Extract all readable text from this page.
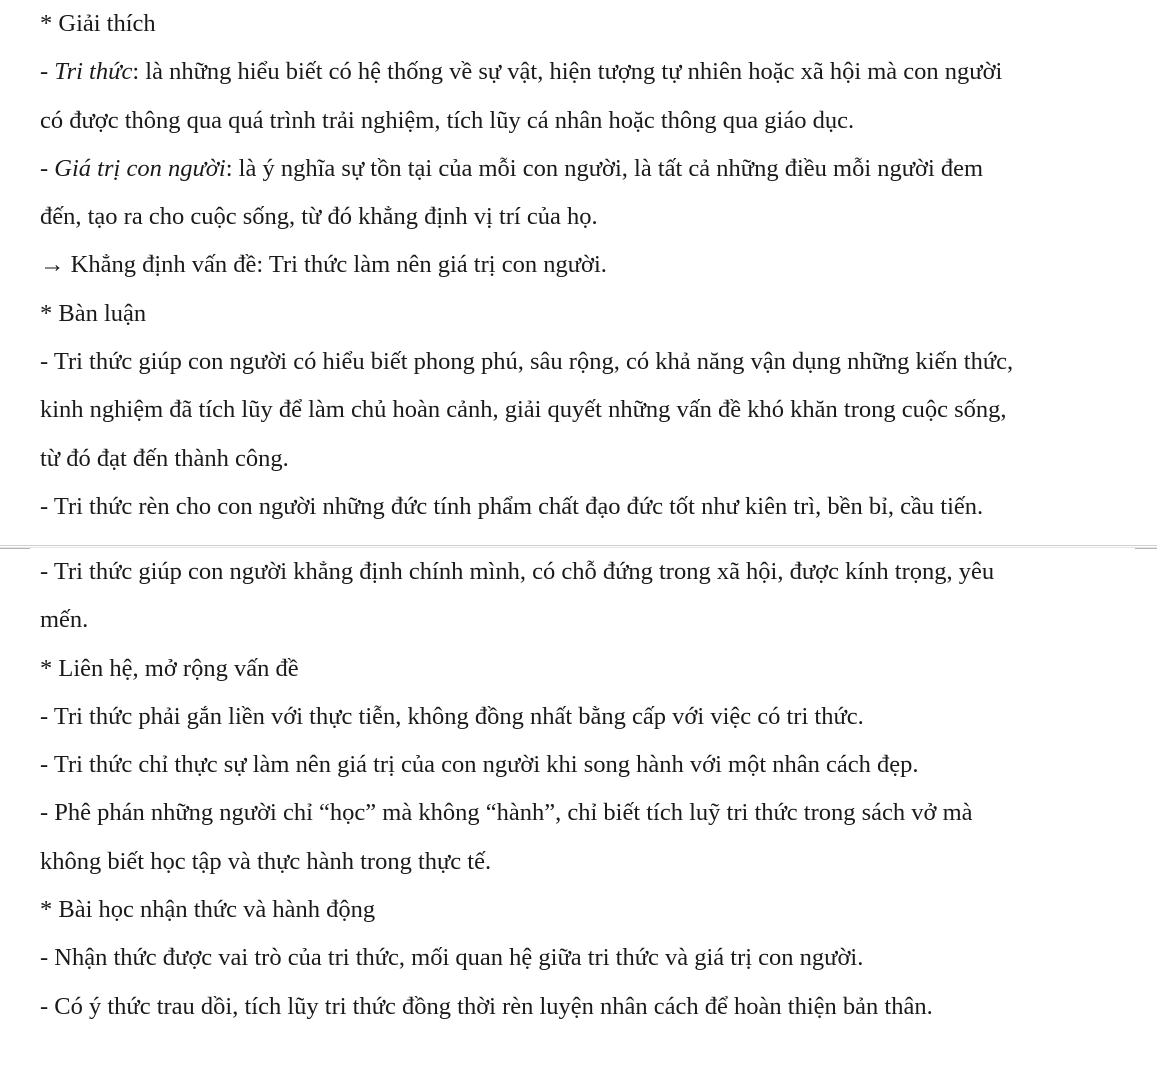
* Giải thích
- Tri thức: là những hiểu biết có hệ thống về sự vật, hiện tượng tự nhiên hoặc xã hội mà con người
có được thông qua quá trình trải nghiệm, tích lũy cá nhân hoặc thông qua giáo dục.
- Giá trị con người: là ý nghĩa sự tồn tại của mỗi con người, là tất cả những điều mỗi người đem
đến, tạo ra cho cuộc sống, từ đó khẳng định vị trí của họ.
→ Khẳng định vấn đề: Tri thức làm nên giá trị con người.
* Bàn luận
- Tri thức giúp con người có hiểu biết phong phú, sâu rộng, có khả năng vận dụng những kiến thức,
kinh nghiệm đã tích lũy để làm chủ hoàn cảnh, giải quyết những vấn đề khó khăn trong cuộc sống,
từ đó đạt đến thành công.
- Tri thức rèn cho con người những đức tính phẩm chất đạo đức tốt như kiên trì, bền bỉ, cầu tiến.
- Tri thức giúp con người khẳng định chính mình, có chỗ đứng trong xã hội, được kính trọng, yêu
mến.
* Liên hệ, mở rộng vấn đề
- Tri thức phải gắn liền với thực tiễn, không đồng nhất bằng cấp với việc có tri thức.
- Tri thức chỉ thực sự làm nên giá trị của con người khi song hành với một nhân cách đẹp.
- Phê phán những người chỉ “học” mà không “hành”, chỉ biết tích luỹ tri thức trong sách vở mà
không biết học tập và thực hành trong thực tế.
* Bài học nhận thức và hành động
- Nhận thức được vai trò của tri thức, mối quan hệ giữa tri thức và giá trị con người.
- Có ý thức trau dồi, tích lũy tri thức đồng thời rèn luyện nhân cách để hoàn thiện bản thân.
